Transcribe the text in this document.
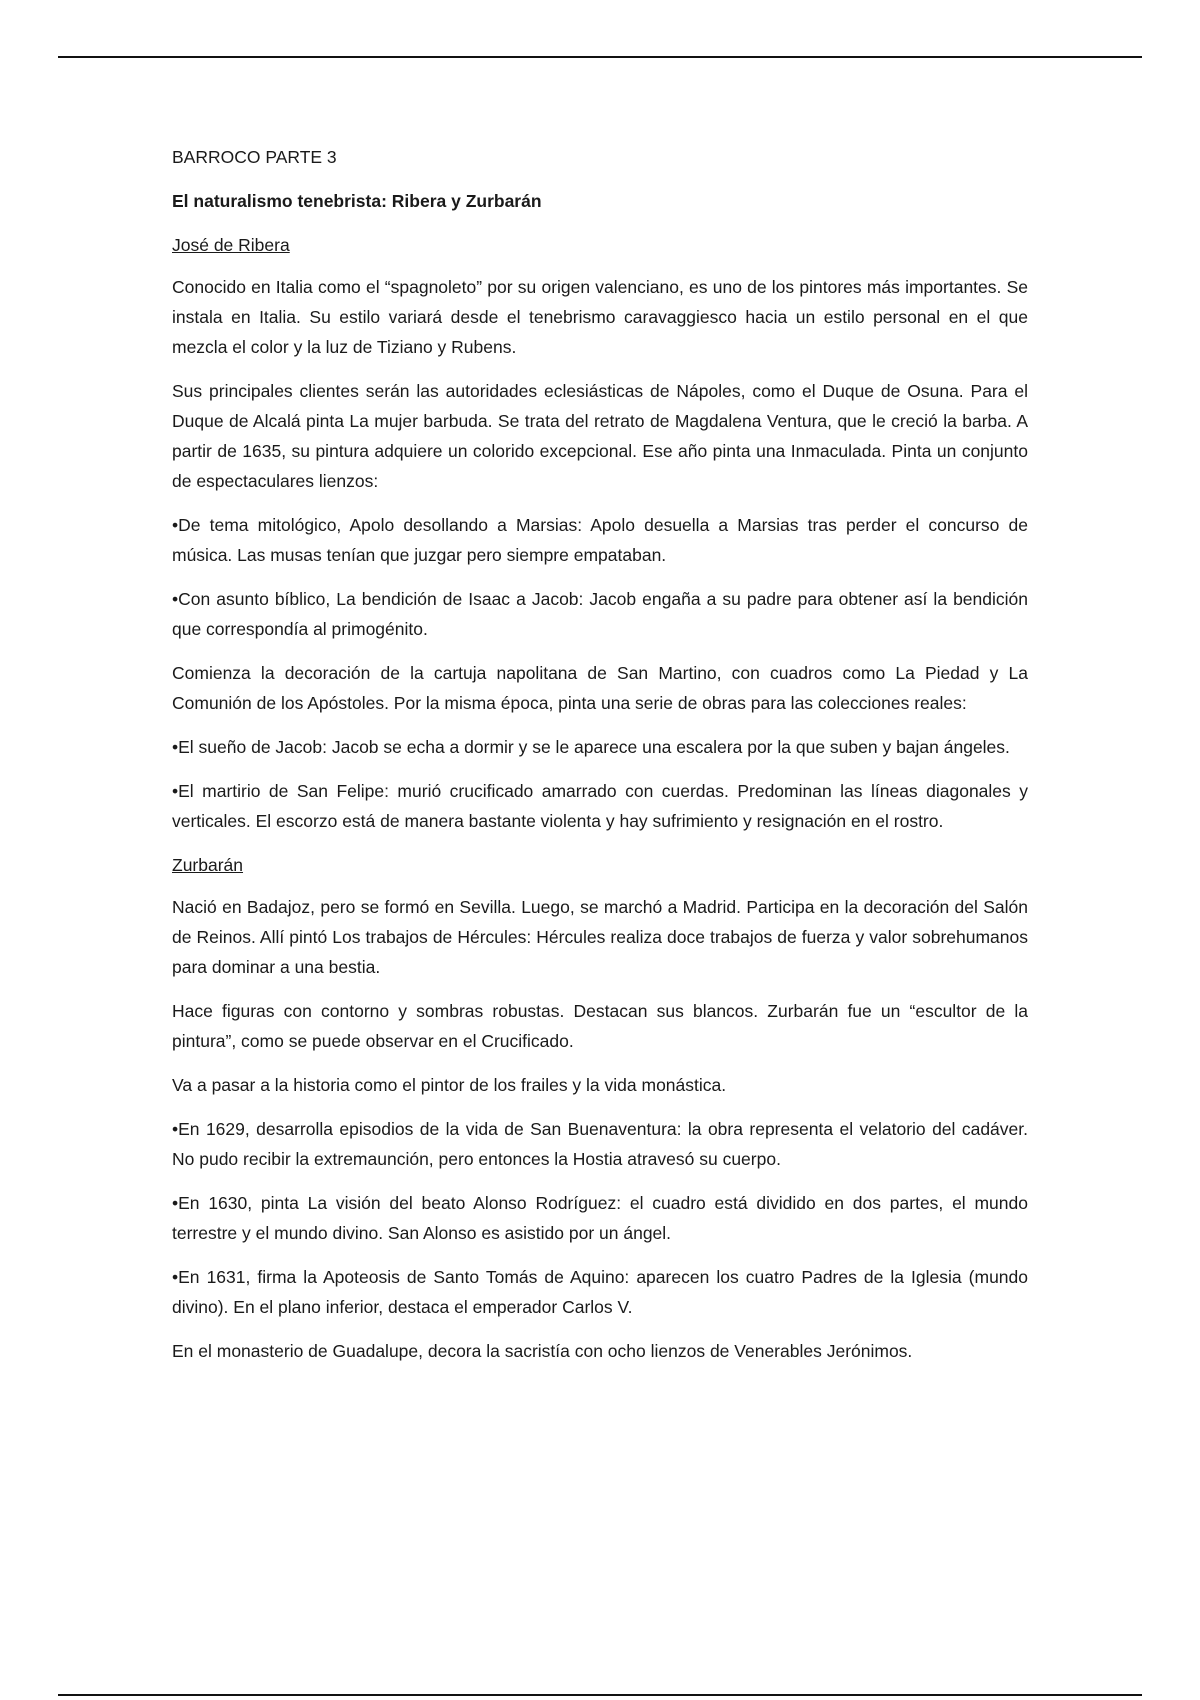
BARROCO PARTE 3

El naturalismo tenebrista: Ribera y Zurbarán

José de Ribera

Conocido en Italia como el “spagnoleto” por su origen valenciano, es uno de los pintores más importantes. Se instala en Italia. Su estilo variará desde el tenebrismo caravaggiesco hacia un estilo personal en el que mezcla el color y la luz de Tiziano y Rubens.

Sus principales clientes serán las autoridades eclesiásticas de Nápoles, como el Duque de Osuna. Para el Duque de Alcalá pinta La mujer barbuda. Se trata del retrato de Magdalena Ventura, que le creció la barba. A partir de 1635, su pintura adquiere un colorido excepcional. Ese año pinta una Inmaculada. Pinta un conjunto de espectaculares lienzos:

•De tema mitológico, Apolo desollando a Marsias: Apolo desuella a Marsias tras perder el concurso de música. Las musas tenían que juzgar pero siempre empataban.

•Con asunto bíblico, La bendición de Isaac a Jacob: Jacob engaña a su padre para obtener así la bendición que correspondía al primogénito.

Comienza la decoración de la cartuja napolitana de San Martino, con cuadros como La Piedad y La Comunión de los Apóstoles. Por la misma época, pinta una serie de obras para las colecciones reales:

•El sueño de Jacob: Jacob se echa a dormir y se le aparece una escalera por la que suben y bajan ángeles.

•El martirio de San Felipe: murió crucificado amarrado con cuerdas. Predominan las líneas diagonales y verticales. El escorzo está de manera bastante violenta y hay sufrimiento y resignación en el rostro.

Zurbarán

Nació en Badajoz, pero se formó en Sevilla. Luego, se marchó a Madrid. Participa en la decoración del Salón de Reinos. Allí pintó Los trabajos de Hércules: Hércules realiza doce trabajos de fuerza y valor sobrehumanos para dominar a una bestia.

Hace figuras con contorno y sombras robustas. Destacan sus blancos. Zurbarán fue un “escultor de la pintura”, como se puede observar en el Crucificado.

Va a pasar a la historia como el pintor de los frailes y la vida monástica.

•En 1629, desarrolla episodios de la vida de San Buenaventura: la obra representa el velatorio del cadáver. No pudo recibir la extremaunción, pero entonces la Hostia atravesó su cuerpo.

•En 1630, pinta La visión del beato Alonso Rodríguez: el cuadro está dividido en dos partes, el mundo terrestre y el mundo divino. San Alonso es asistido por un ángel.

•En 1631, firma la Apoteosis de Santo Tomás de Aquino: aparecen los cuatro Padres de la Iglesia (mundo divino). En el plano inferior, destaca el emperador Carlos V.

En el monasterio de Guadalupe, decora la sacristía con ocho lienzos de Venerables Jerónimos.
